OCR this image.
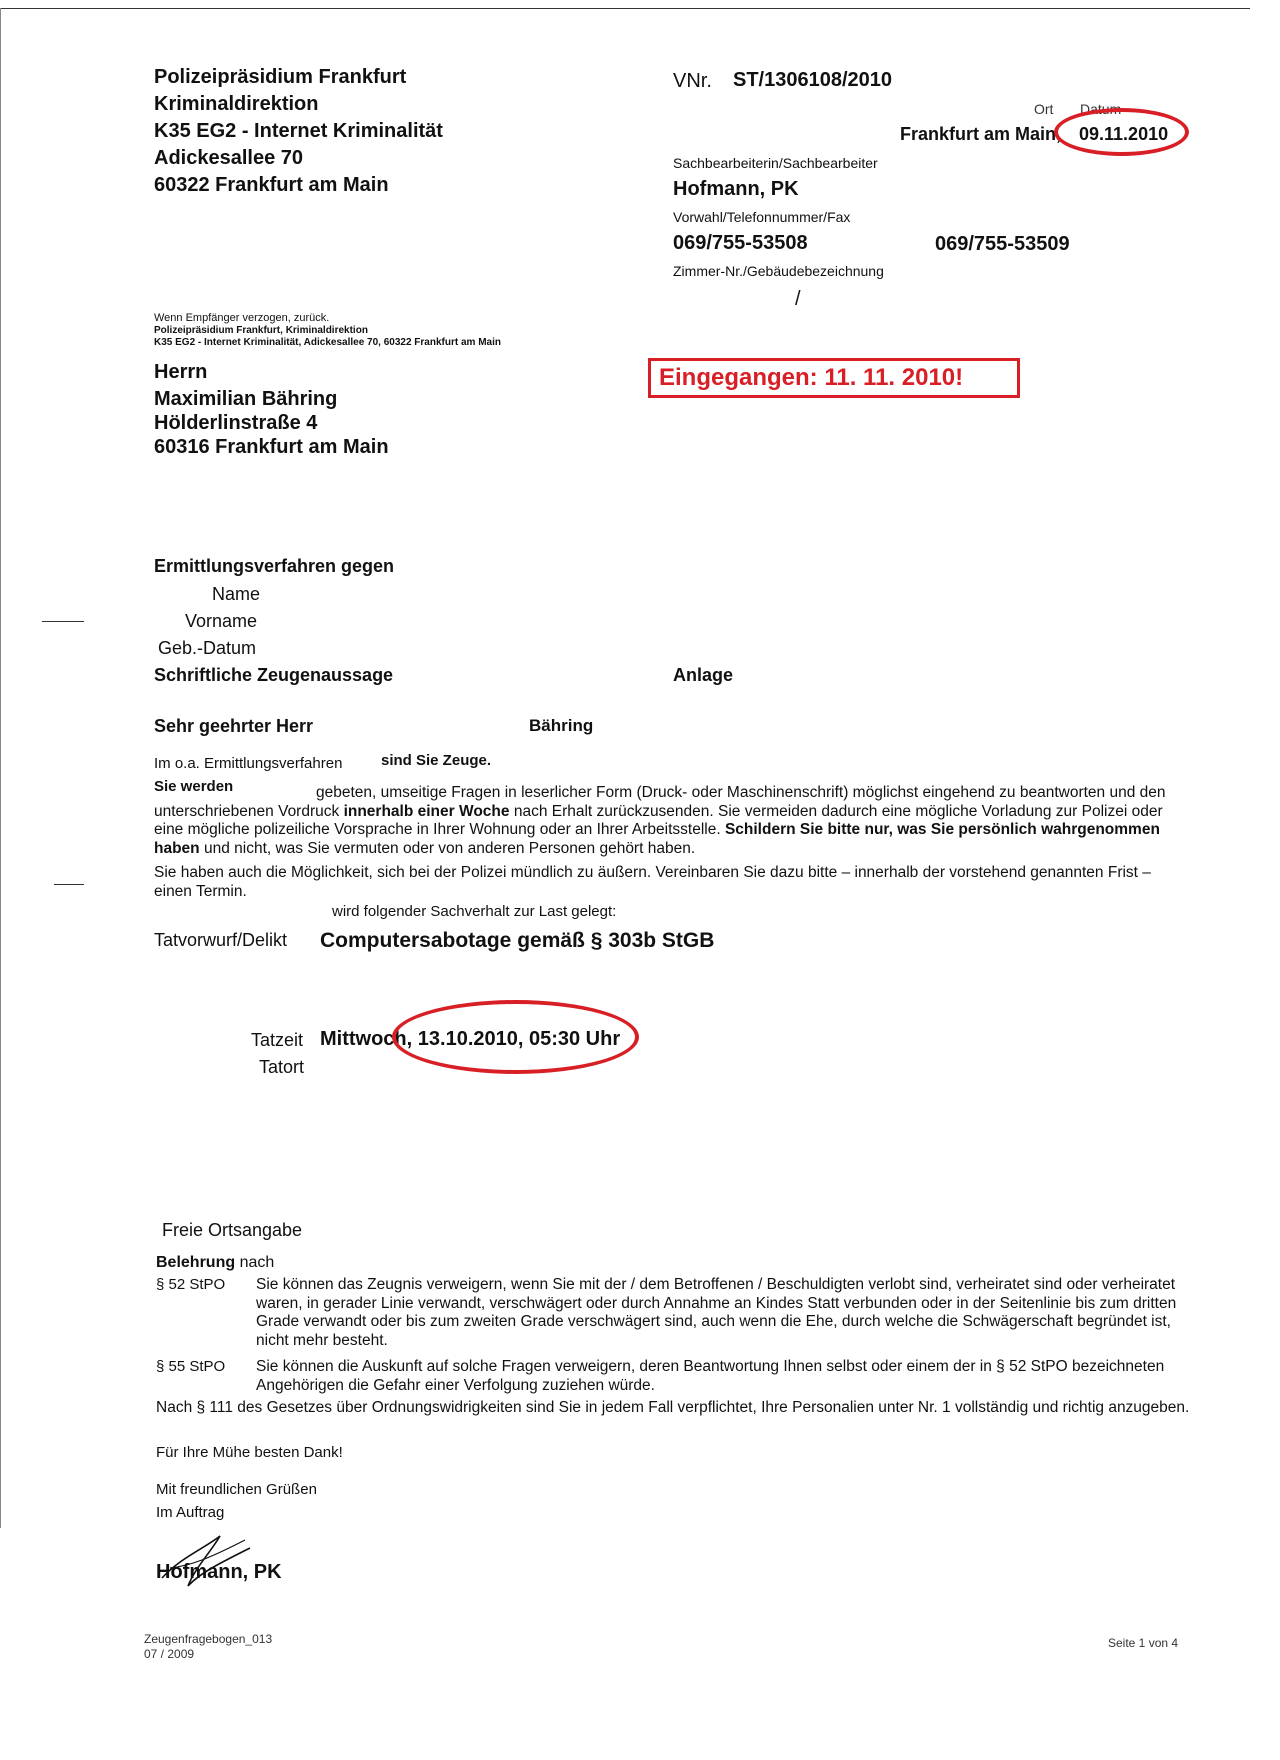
Polizeipräsidium Frankfurt
Kriminaldirektion
K35 EG2 - Internet Kriminalität
Adickesallee 70
60322 Frankfurt am Main
VNr. ST/1306108/2010
Ort Datum
Frankfurt am Main, 09.11.2010
Sachbearbeiterin/Sachbearbeiter
Hofmann, PK
Vorwahl/Telefonnummer/Fax
069/755-53508	069/755-53509
Zimmer-Nr./Gebäudebezeichnung
/
Wenn Empfänger verzogen, zurück.
Polizeipräsidium Frankfurt, Kriminaldirektion
K35 EG2 - Internet Kriminalität, Adickesallee 70, 60322 Frankfurt am Main
Herrn
Maximilian Bähring
Hölderlinstraße 4
60316 Frankfurt am Main
Eingegangen: 11. 11. 2010!
Ermittlungsverfahren gegen
Name
Vorname
Geb.-Datum
Schriftliche Zeugenaussage	Anlage
Sehr geehrter Herr	Bähring
Im o.a. Ermittlungsverfahren	sind Sie Zeuge.
Sie werden	gebeten, umseitige Fragen in leserlicher Form (Druck- oder Maschinenschrift) möglichst eingehend zu beantworten und den unterschriebenen Vordruck innerhalb einer Woche nach Erhalt zurückzusenden. Sie vermeiden dadurch eine mögliche Vorladung zur Polizei oder eine mögliche polizeiliche Vorsprache in Ihrer Wohnung oder an Ihrer Arbeitsstelle. Schildern Sie bitte nur, was Sie persönlich wahrgenommen haben und nicht, was Sie vermuten oder von anderen Personen gehört haben.
Sie haben auch die Möglichkeit, sich bei der Polizei mündlich zu äußern. Vereinbaren Sie dazu bitte – innerhalb der vorstehend genannten Frist – einen Termin.
wird folgender Sachverhalt zur Last gelegt:
Tatvorwurf/Delikt Computersabotage gemäß § 303b StGB
Tatzeit Mittwoch, 13.10.2010, 05:30 Uhr
Tatort
Freie Ortsangabe
Belehrung nach
§ 52 StPO Sie können das Zeugnis verweigern, wenn Sie mit der / dem Betroffenen / Beschuldigten verlobt sind, verheiratet sind oder verheiratet waren, in gerader Linie verwandt, verschwägert oder durch Annahme an Kindes Statt verbunden oder in der Seitenlinie bis zum dritten Grade verwandt oder bis zum zweiten Grade verschwägert sind, auch wenn die Ehe, durch welche die Schwägerschaft begründet ist, nicht mehr besteht.
§ 55 StPO Sie können die Auskunft auf solche Fragen verweigern, deren Beantwortung Ihnen selbst oder einem der in § 52 StPO bezeichneten Angehörigen die Gefahr einer Verfolgung zuziehen würde.
Nach § 111 des Gesetzes über Ordnungswidrigkeiten sind Sie in jedem Fall verpflichtet, Ihre Personalien unter Nr. 1 vollständig und richtig anzugeben.
Für Ihre Mühe besten Dank!
Mit freundlichen Grüßen
Im Auftrag
Hofmann, PK
Zeugenfragebogen_013
07 / 2009
Seite 1 von 4
